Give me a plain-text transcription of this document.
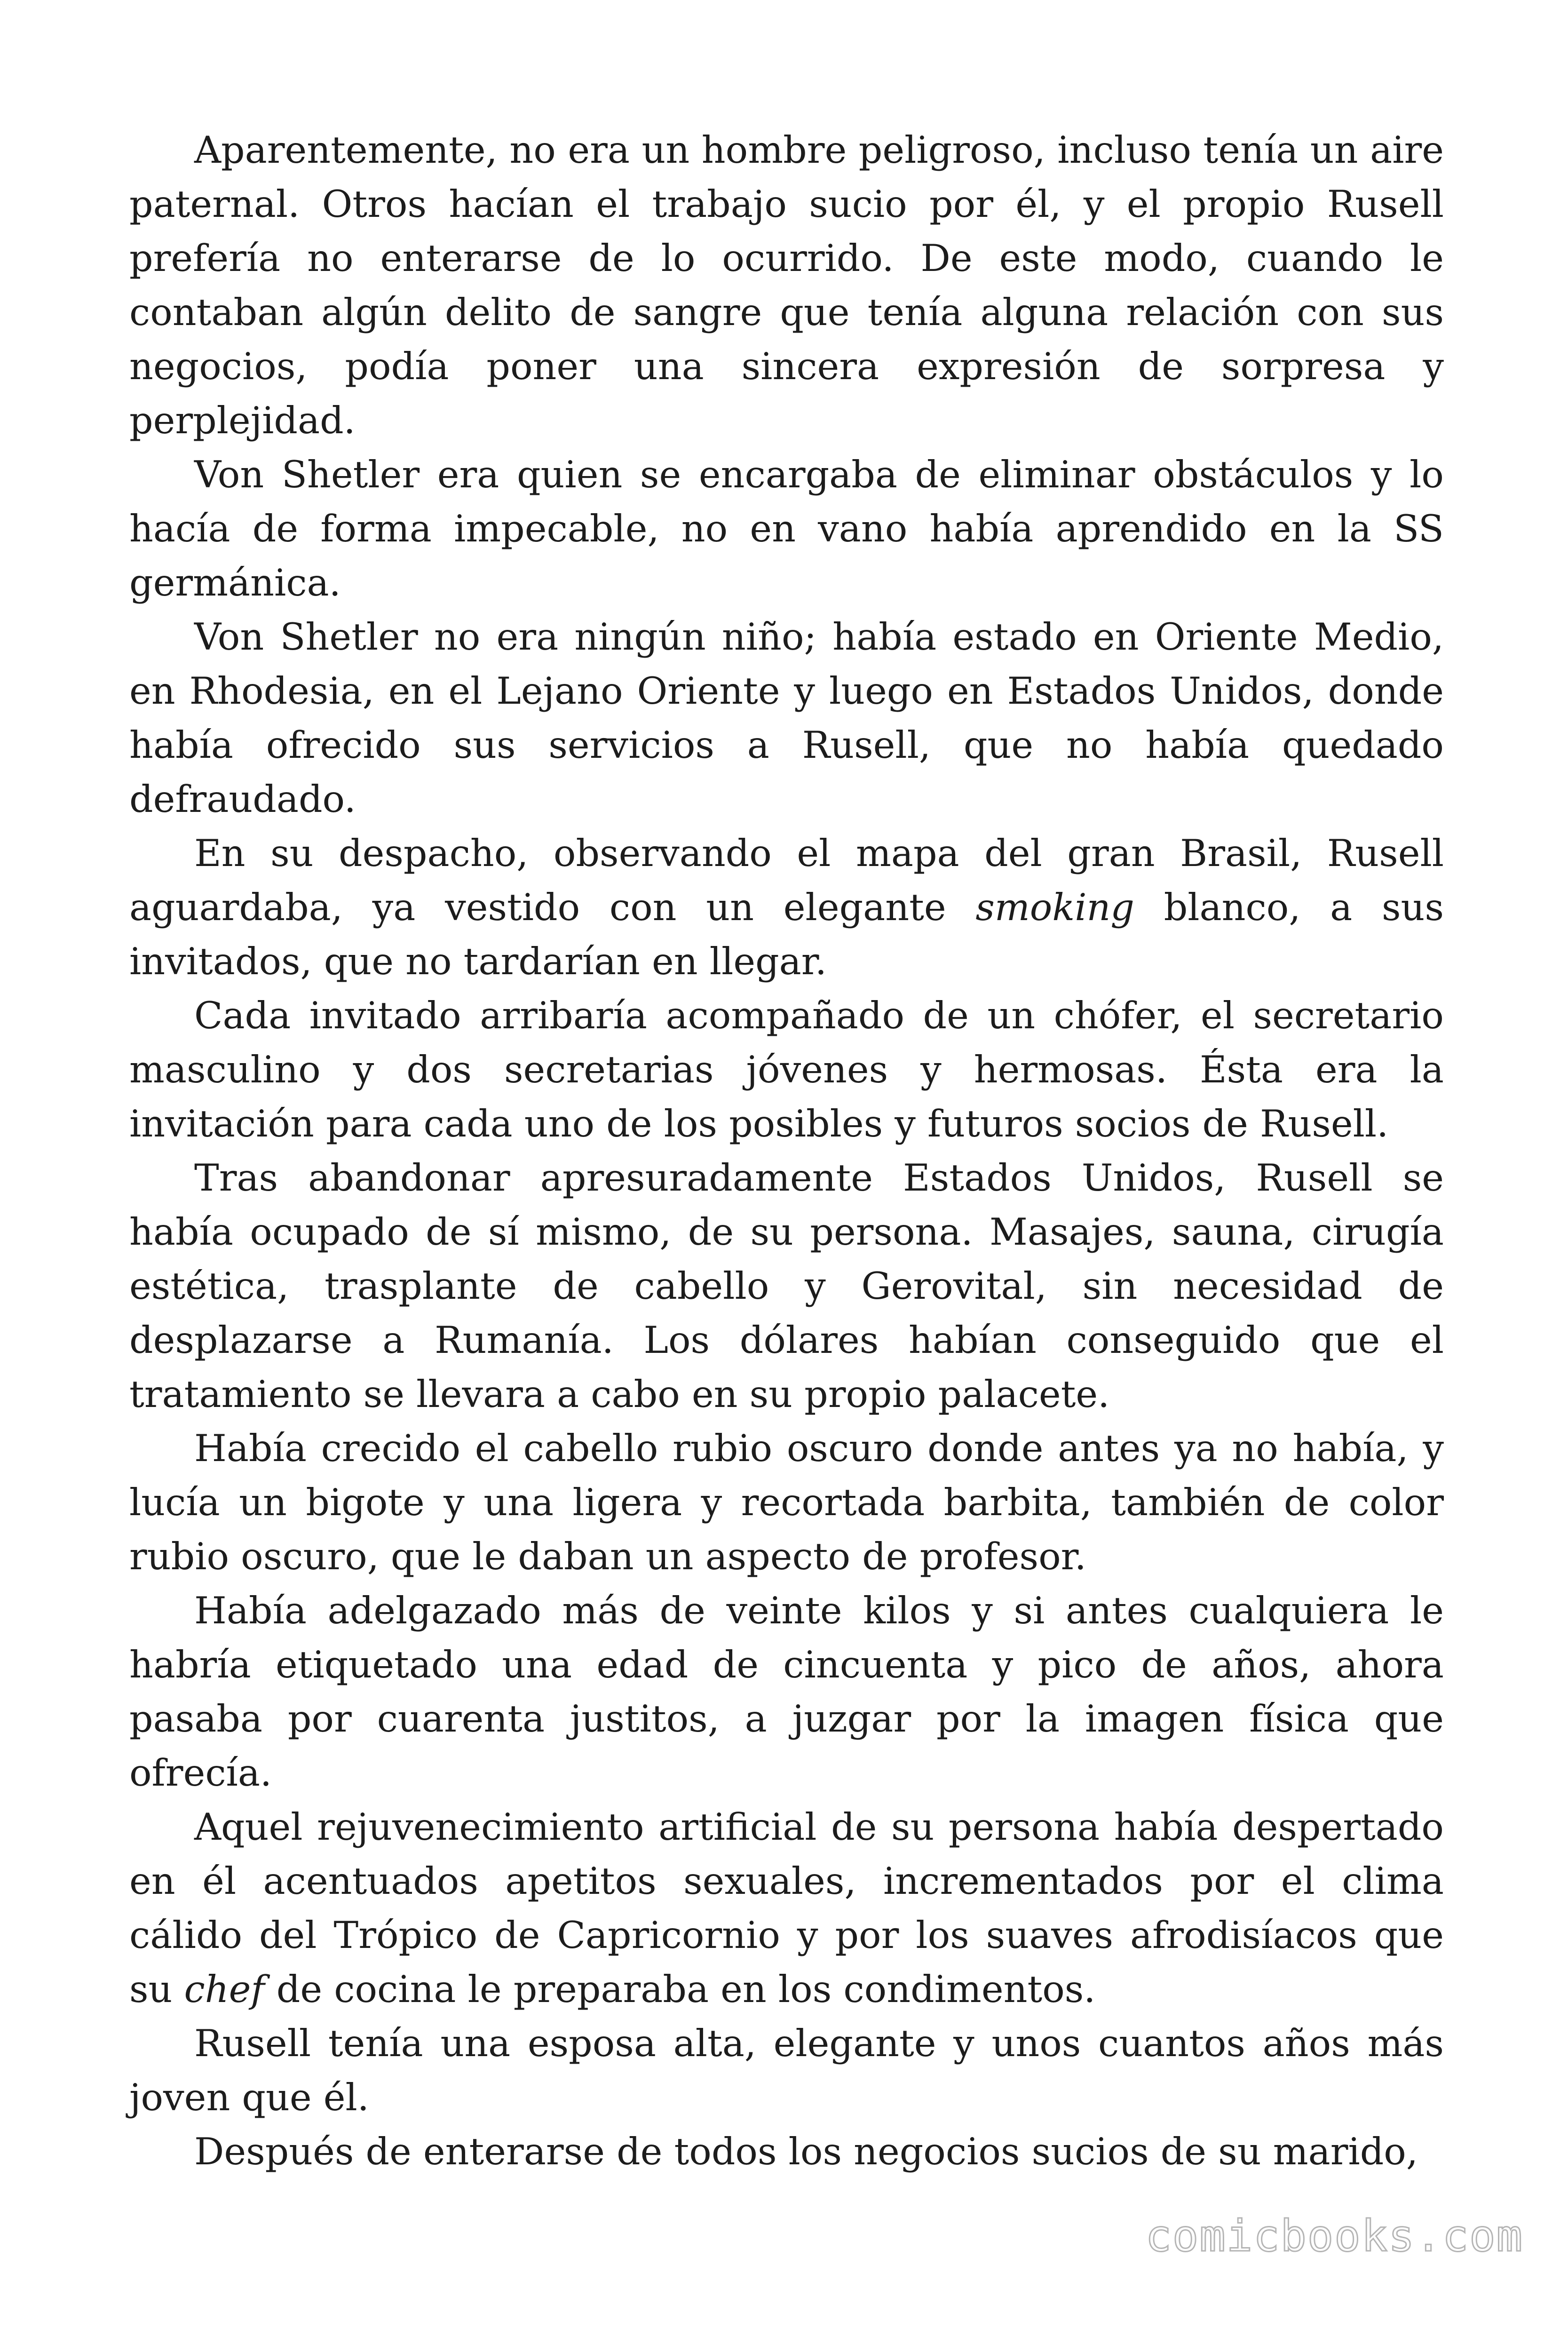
Aparentemente, no era un hombre peligroso, incluso tenía un aire paternal. Otros hacían el trabajo sucio por él, y el propio Rusell prefería no enterarse de lo ocurrido. De este modo, cuando le contaban algún delito de sangre que tenía alguna relación con sus negocios, podía poner una sincera expresión de sorpresa y perplejidad.

Von Shetler era quien se encargaba de eliminar obstáculos y lo hacía de forma impecable, no en vano había aprendido en la SS germánica.

Von Shetler no era ningún niño; había estado en Oriente Medio, en Rhodesia, en el Lejano Oriente y luego en Estados Unidos, donde había ofrecido sus servicios a Rusell, que no había quedado defraudado.

En su despacho, observando el mapa del gran Brasil, Rusell aguardaba, ya vestido con un elegante smoking blanco, a sus invitados, que no tardarían en llegar.

Cada invitado arribaría acompañado de un chófer, el secretario masculino y dos secretarias jóvenes y hermosas. Ésta era la invitación para cada uno de los posibles y futuros socios de Rusell.

Tras abandonar apresuradamente Estados Unidos, Rusell se había ocupado de sí mismo, de su persona. Masajes, sauna, cirugía estética, trasplante de cabello y Gerovital, sin necesidad de desplazarse a Rumanía. Los dólares habían conseguido que el tratamiento se llevara a cabo en su propio palacete.

Había crecido el cabello rubio oscuro donde antes ya no había, y lucía un bigote y una ligera y recortada barbita, también de color rubio oscuro, que le daban un aspecto de profesor.

Había adelgazado más de veinte kilos y si antes cualquiera le habría etiquetado una edad de cincuenta y pico de años, ahora pasaba por cuarenta justitos, a juzgar por la imagen física que ofrecía.

Aquel rejuvenecimiento artificial de su persona había despertado en él acentuados apetitos sexuales, incrementados por el clima cálido del Trópico de Capricornio y por los suaves afrodisíacos que su chef de cocina le preparaba en los condimentos.

Rusell tenía una esposa alta, elegante y unos cuantos años más joven que él.

Después de enterarse de todos los negocios sucios de su marido,

comicbooks.com
